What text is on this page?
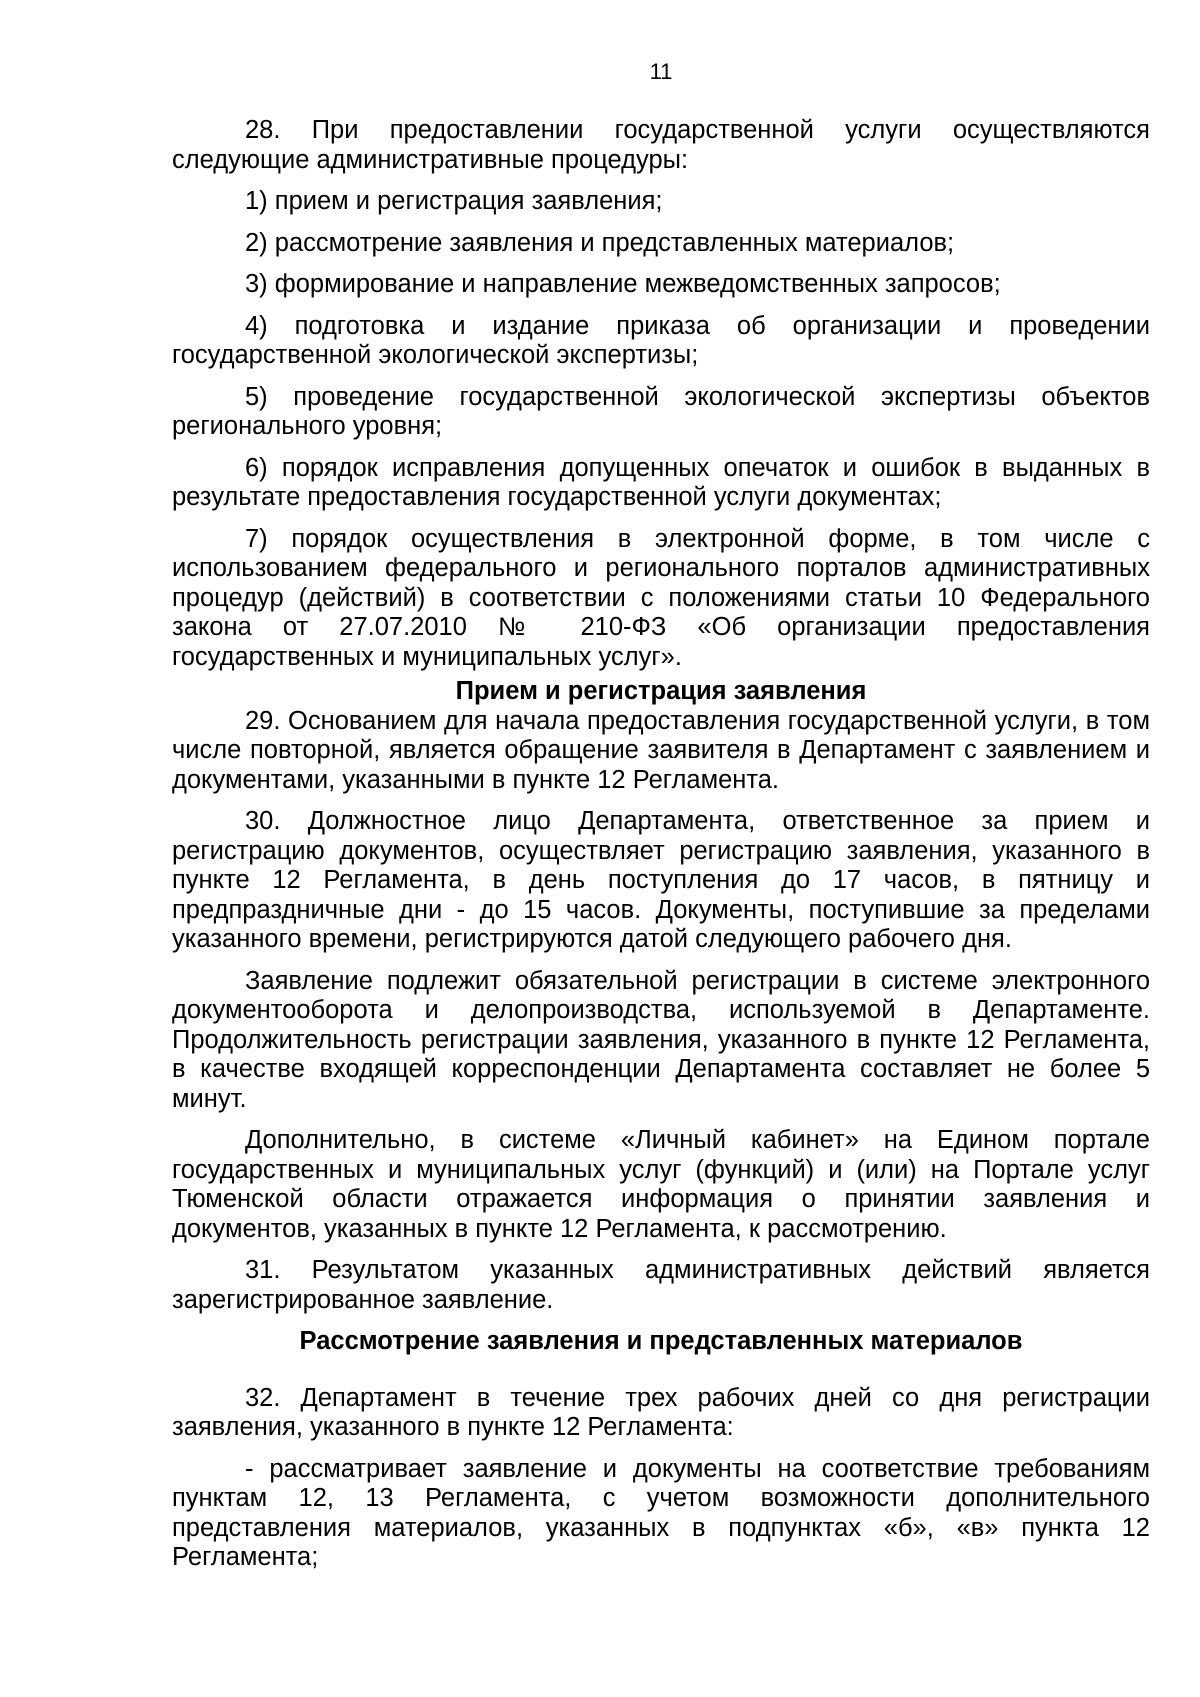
11

28. При предоставлении государственной услуги осуществляются следующие административные процедуры:

1) прием и регистрация заявления;

2) рассмотрение заявления и представленных материалов;

3) формирование и направление межведомственных запросов;

4) подготовка и издание приказа об организации и проведении государственной экологической экспертизы;

5) проведение государственной экологической экспертизы объектов регионального уровня;

6) порядок исправления допущенных опечаток и ошибок в выданных в результате предоставления государственной услуги документах;

7) порядок осуществления в электронной форме, в том числе с использованием федерального и регионального порталов административных процедур (действий) в соответствии с положениями статьи 10 Федерального закона от 27.07.2010 № 210-ФЗ «Об организации предоставления государственных и муниципальных услуг».

Прием и регистрация заявления

29. Основанием для начала предоставления государственной услуги, в том числе повторной, является обращение заявителя в Департамент с заявлением и документами, указанными в пункте 12 Регламента.

30. Должностное лицо Департамента, ответственное за прием и регистрацию документов, осуществляет регистрацию заявления, указанного в пункте 12 Регламента, в день поступления до 17 часов, в пятницу и предпраздничные дни - до 15 часов. Документы, поступившие за пределами указанного времени, регистрируются датой следующего рабочего дня.

Заявление подлежит обязательной регистрации в системе электронного документооборота и делопроизводства, используемой в Департаменте. Продолжительность регистрации заявления, указанного в пункте 12 Регламента, в качестве входящей корреспонденции Департамента составляет не более 5 минут.

Дополнительно, в системе «Личный кабинет» на Едином портале государственных и муниципальных услуг (функций) и (или) на Портале услуг Тюменской области отражается информация о принятии заявления и документов, указанных в пункте 12 Регламента, к рассмотрению.

31. Результатом указанных административных действий является зарегистрированное заявление.

Рассмотрение заявления и представленных материалов

32. Департамент в течение трех рабочих дней со дня регистрации заявления, указанного в пункте 12 Регламента:

- рассматривает заявление и документы на соответствие требованиям пунктам 12, 13 Регламента, с учетом возможности дополнительного представления материалов, указанных в подпунктах «б», «в» пункта 12 Регламента;
